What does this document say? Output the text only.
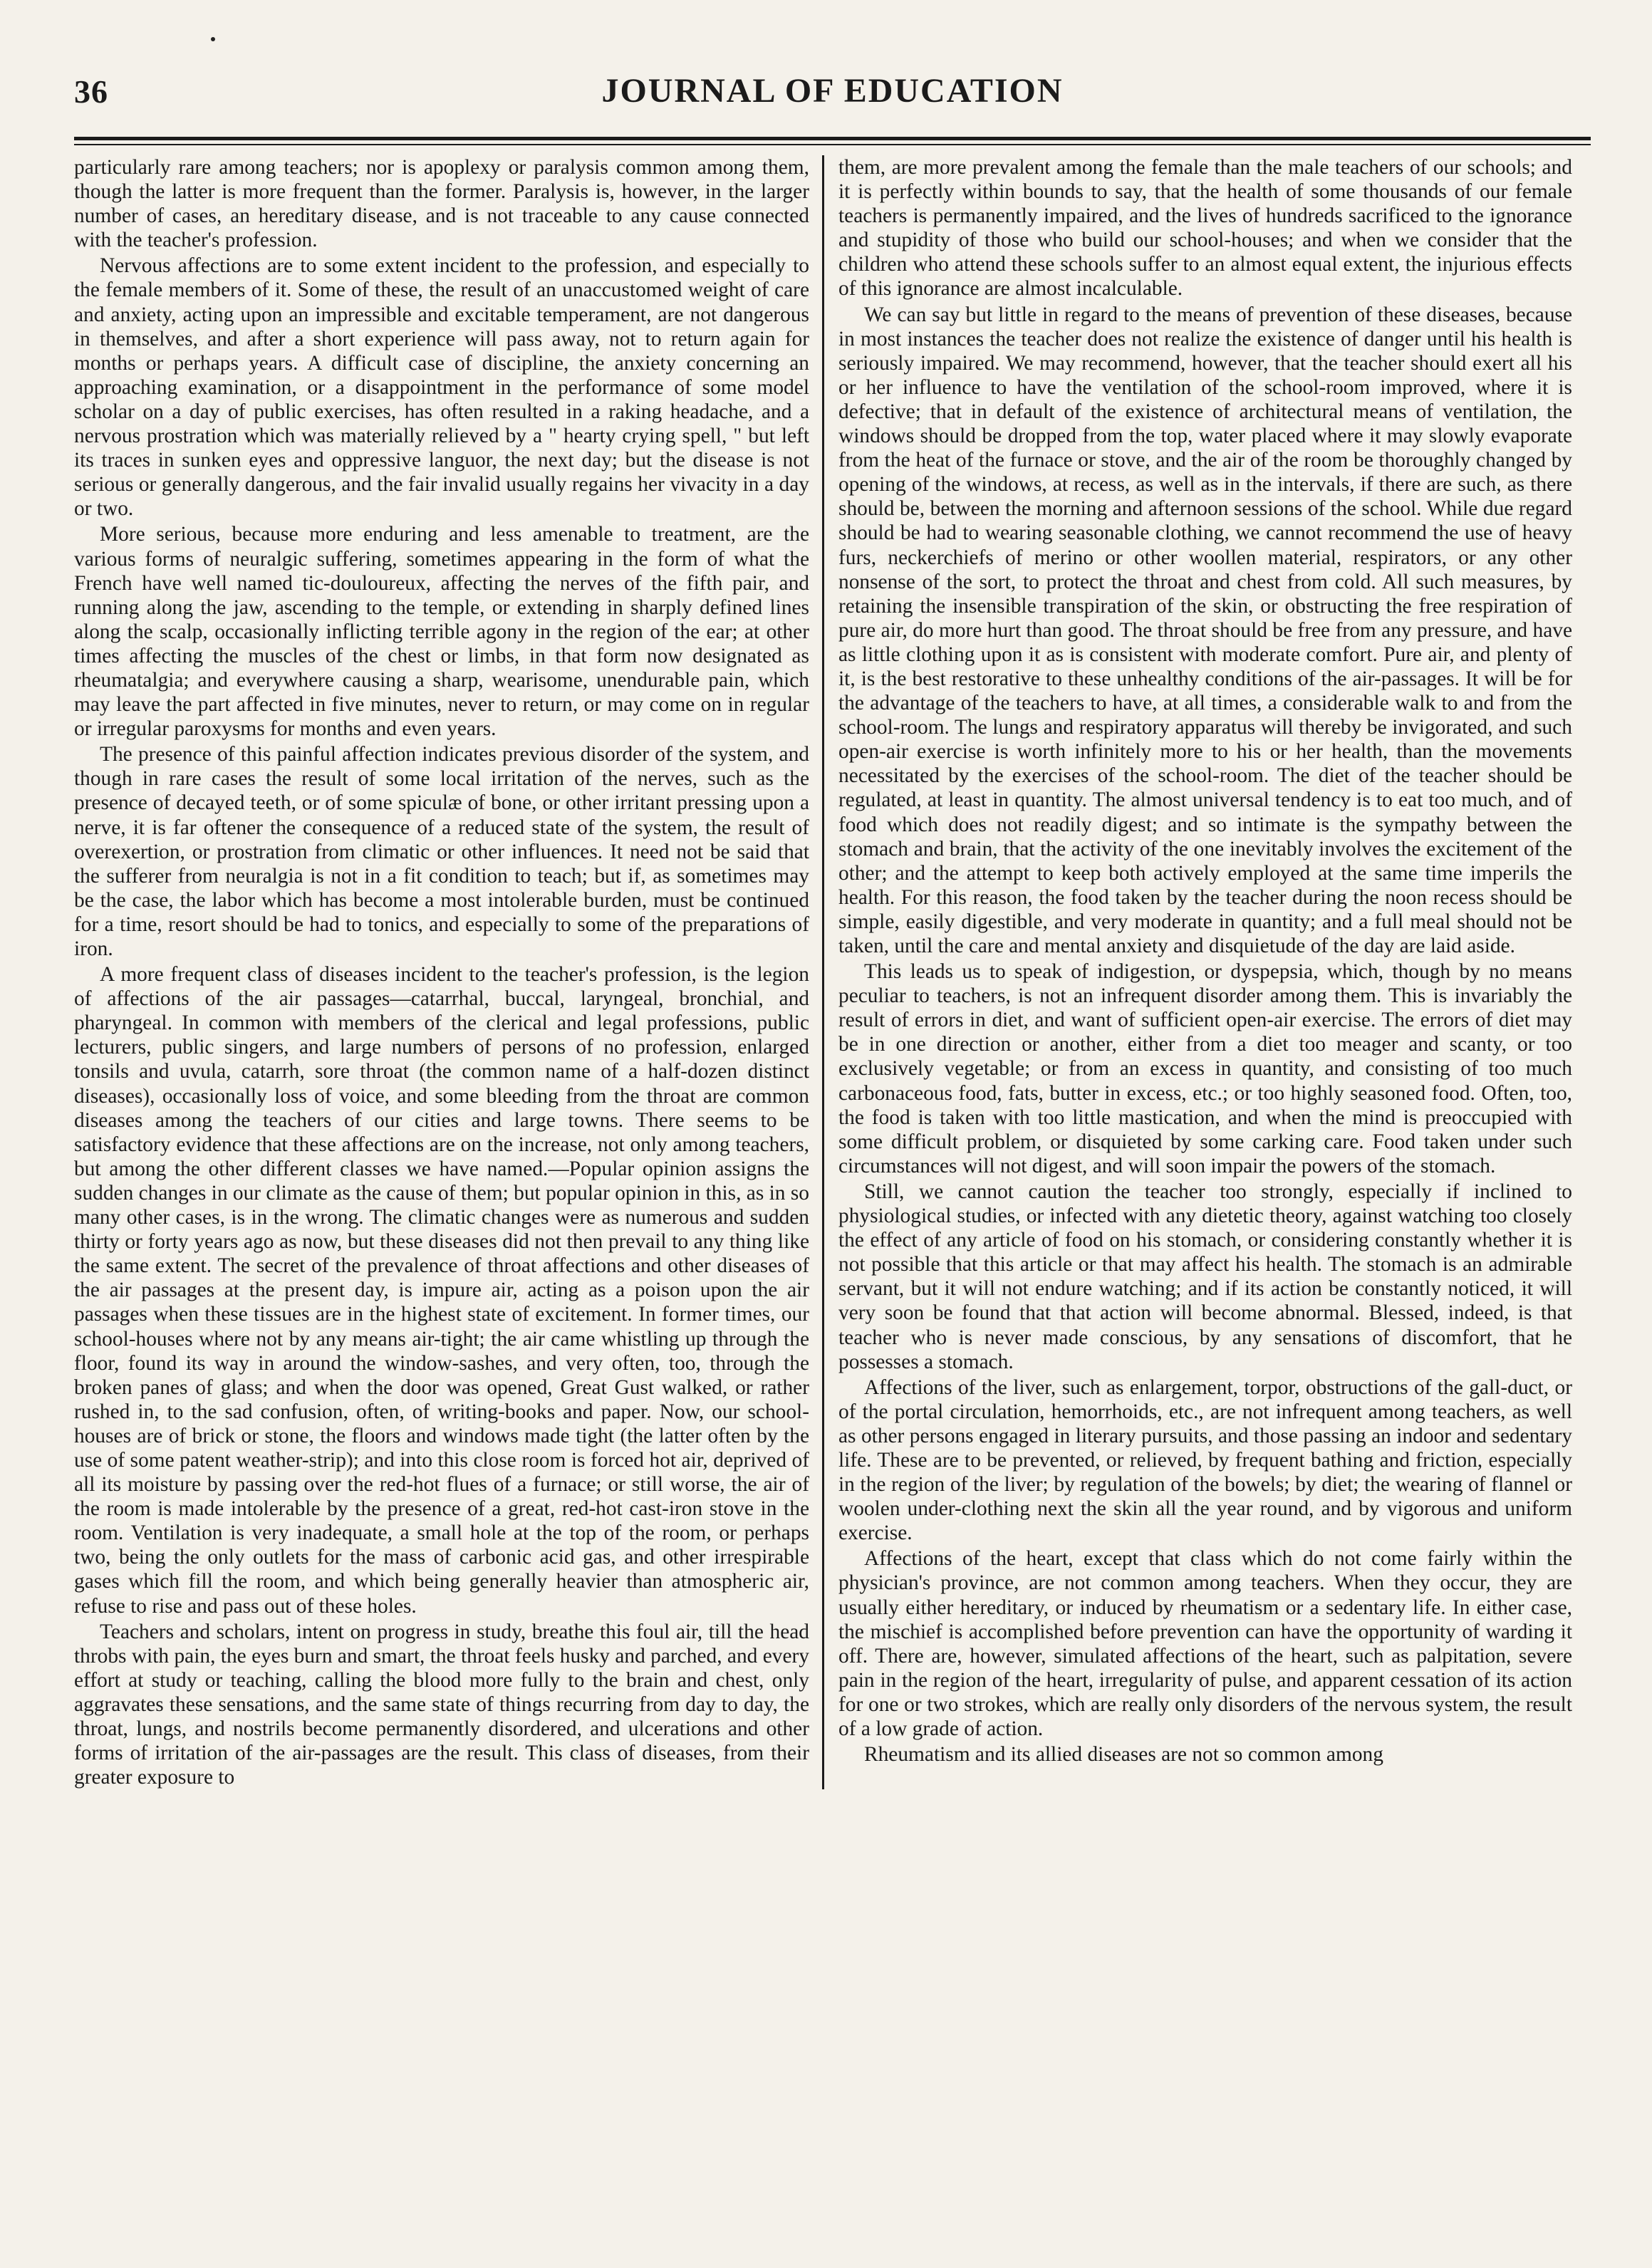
36	JOURNAL OF EDUCATION

particularly rare among teachers; nor is apoplexy or paralysis common among them, though the latter is more frequent than the former. Paralysis is, however, in the larger number of cases, an hereditary disease, and is not traceable to any cause connected with the teacher's profession.

Nervous affections are to some extent incident to the profession, and especially to the female members of it. Some of these, the result of an unaccustomed weight of care and anxiety, acting upon an impressible and excitable temperament, are not dangerous in themselves, and after a short experience will pass away, not to return again for months or perhaps years. A difficult case of discipline, the anxiety concerning an approaching examination, or a disappointment in the performance of some model scholar on a day of public exercises, has often resulted in a raking headache, and a nervous prostration which was materially relieved by a " hearty crying spell, " but left its traces in sunken eyes and oppressive languor, the next day; but the disease is not serious or generally dangerous, and the fair invalid usually regains her vivacity in a day or two.

More serious, because more enduring and less amenable to treatment, are the various forms of neuralgic suffering, sometimes appearing in the form of what the French have well named tic-douloureux, affecting the nerves of the fifth pair, and running along the jaw, ascending to the temple, or extending in sharply defined lines along the scalp, occasionally inflicting terrible agony in the region of the ear; at other times affecting the muscles of the chest or limbs, in that form now designated as rheumatalgia; and everywhere causing a sharp, wearisome, unendurable pain, which may leave the part affected in five minutes, never to return, or may come on in regular or irregular paroxysms for months and even years.

The presence of this painful affection indicates previous disorder of the system, and though in rare cases the result of some local irritation of the nerves, such as the presence of decayed teeth, or of some spiculæ of bone, or other irritant pressing upon a nerve, it is far oftener the consequence of a reduced state of the system, the result of overexertion, or prostration from climatic or other influences. It need not be said that the sufferer from neuralgia is not in a fit condition to teach; but if, as sometimes may be the case, the labor which has become a most intolerable burden, must be continued for a time, resort should be had to tonics, and especially to some of the preparations of iron.

A more frequent class of diseases incident to the teacher's profession, is the legion of affections of the air passages—catarrhal, buccal, laryngeal, bronchial, and pharyngeal. In common with members of the clerical and legal professions, public lecturers, public singers, and large numbers of persons of no profession, enlarged tonsils and uvula, catarrh, sore throat (the common name of a half-dozen distinct diseases), occasionally loss of voice, and some bleeding from the throat are common diseases among the teachers of our cities and large towns. There seems to be satisfactory evidence that these affections are on the increase, not only among teachers, but among the other different classes we have named.—Popular opinion assigns the sudden changes in our climate as the cause of them; but popular opinion in this, as in so many other cases, is in the wrong. The climatic changes were as numerous and sudden thirty or forty years ago as now, but these diseases did not then prevail to any thing like the same extent. The secret of the prevalence of throat affections and other diseases of the air passages at the present day, is impure air, acting as a poison upon the air passages when these tissues are in the highest state of excitement. In former times, our school-houses where not by any means air-tight; the air came whistling up through the floor, found its way in around the window-sashes, and very often, too, through the broken panes of glass; and when the door was opened, Great Gust walked, or rather rushed in, to the sad confusion, often, of writing-books and paper. Now, our school-houses are of brick or stone, the floors and windows made tight (the latter often by the use of some patent weather-strip); and into this close room is forced hot air, deprived of all its moisture by passing over the red-hot flues of a furnace; or still worse, the air of the room is made intolerable by the presence of a great, red-hot cast-iron stove in the room. Ventilation is very inadequate, a small hole at the top of the room, or perhaps two, being the only outlets for the mass of carbonic acid gas, and other irrespirable gases which fill the room, and which being generally heavier than atmospheric air, refuse to rise and pass out of these holes.

Teachers and scholars, intent on progress in study, breathe this foul air, till the head throbs with pain, the eyes burn and smart, the throat feels husky and parched, and every effort at study or teaching, calling the blood more fully to the brain and chest, only aggravates these sensations, and the same state of things recurring from day to day, the throat, lungs, and nostrils become permanently disordered, and ulcerations and other forms of irritation of the air-passages are the result. This class of diseases, from their greater exposure to

them, are more prevalent among the female than the male teachers of our schools; and it is perfectly within bounds to say, that the health of some thousands of our female teachers is permanently impaired, and the lives of hundreds sacrificed to the ignorance and stupidity of those who build our school-houses; and when we consider that the children who attend these schools suffer to an almost equal extent, the injurious effects of this ignorance are almost incalculable.

We can say but little in regard to the means of prevention of these diseases, because in most instances the teacher does not realize the existence of danger until his health is seriously impaired. We may recommend, however, that the teacher should exert all his or her influence to have the ventilation of the school-room improved, where it is defective; that in default of the existence of architectural means of ventilation, the windows should be dropped from the top, water placed where it may slowly evaporate from the heat of the furnace or stove, and the air of the room be thoroughly changed by opening of the windows, at recess, as well as in the intervals, if there are such, as there should be, between the morning and afternoon sessions of the school. While due regard should be had to wearing seasonable clothing, we cannot recommend the use of heavy furs, neckerchiefs of merino or other woollen material, respirators, or any other nonsense of the sort, to protect the throat and chest from cold. All such measures, by retaining the insensible transpiration of the skin, or obstructing the free respiration of pure air, do more hurt than good. The throat should be free from any pressure, and have as little clothing upon it as is consistent with moderate comfort. Pure air, and plenty of it, is the best restorative to these unhealthy conditions of the air-passages. It will be for the advantage of the teachers to have, at all times, a considerable walk to and from the school-room. The lungs and respiratory apparatus will thereby be invigorated, and such open-air exercise is worth infinitely more to his or her health, than the movements necessitated by the exercises of the school-room. The diet of the teacher should be regulated, at least in quantity. The almost universal tendency is to eat too much, and of food which does not readily digest; and so intimate is the sympathy between the stomach and brain, that the activity of the one inevitably involves the excitement of the other; and the attempt to keep both actively employed at the same time imperils the health. For this reason, the food taken by the teacher during the noon recess should be simple, easily digestible, and very moderate in quantity; and a full meal should not be taken, until the care and mental anxiety and disquietude of the day are laid aside.

This leads us to speak of indigestion, or dyspepsia, which, though by no means peculiar to teachers, is not an infrequent disorder among them. This is invariably the result of errors in diet, and want of sufficient open-air exercise. The errors of diet may be in one direction or another, either from a diet too meager and scanty, or too exclusively vegetable; or from an excess in quantity, and consisting of too much carbonaceous food, fats, butter in excess, etc.; or too highly seasoned food. Often, too, the food is taken with too little mastication, and when the mind is preoccupied with some difficult problem, or disquieted by some carking care. Food taken under such circumstances will not digest, and will soon impair the powers of the stomach.

Still, we cannot caution the teacher too strongly, especially if inclined to physiological studies, or infected with any dietetic theory, against watching too closely the effect of any article of food on his stomach, or considering constantly whether it is not possible that this article or that may affect his health. The stomach is an admirable servant, but it will not endure watching; and if its action be constantly noticed, it will very soon be found that that action will become abnormal. Blessed, indeed, is that teacher who is never made conscious, by any sensations of discomfort, that he possesses a stomach.

Affections of the liver, such as enlargement, torpor, obstructions of the gall-duct, or of the portal circulation, hemorrhoids, etc., are not infrequent among teachers, as well as other persons engaged in literary pursuits, and those passing an indoor and sedentary life. These are to be prevented, or relieved, by frequent bathing and friction, especially in the region of the liver; by regulation of the bowels; by diet; the wearing of flannel or woolen under-clothing next the skin all the year round, and by vigorous and uniform exercise.

Affections of the heart, except that class which do not come fairly within the physician's province, are not common among teachers. When they occur, they are usually either hereditary, or induced by rheumatism or a sedentary life. In either case, the mischief is accomplished before prevention can have the opportunity of warding it off. There are, however, simulated affections of the heart, such as palpitation, severe pain in the region of the heart, irregularity of pulse, and apparent cessation of its action for one or two strokes, which are really only disorders of the nervous system, the result of a low grade of action.

Rheumatism and its allied diseases are not so common among
